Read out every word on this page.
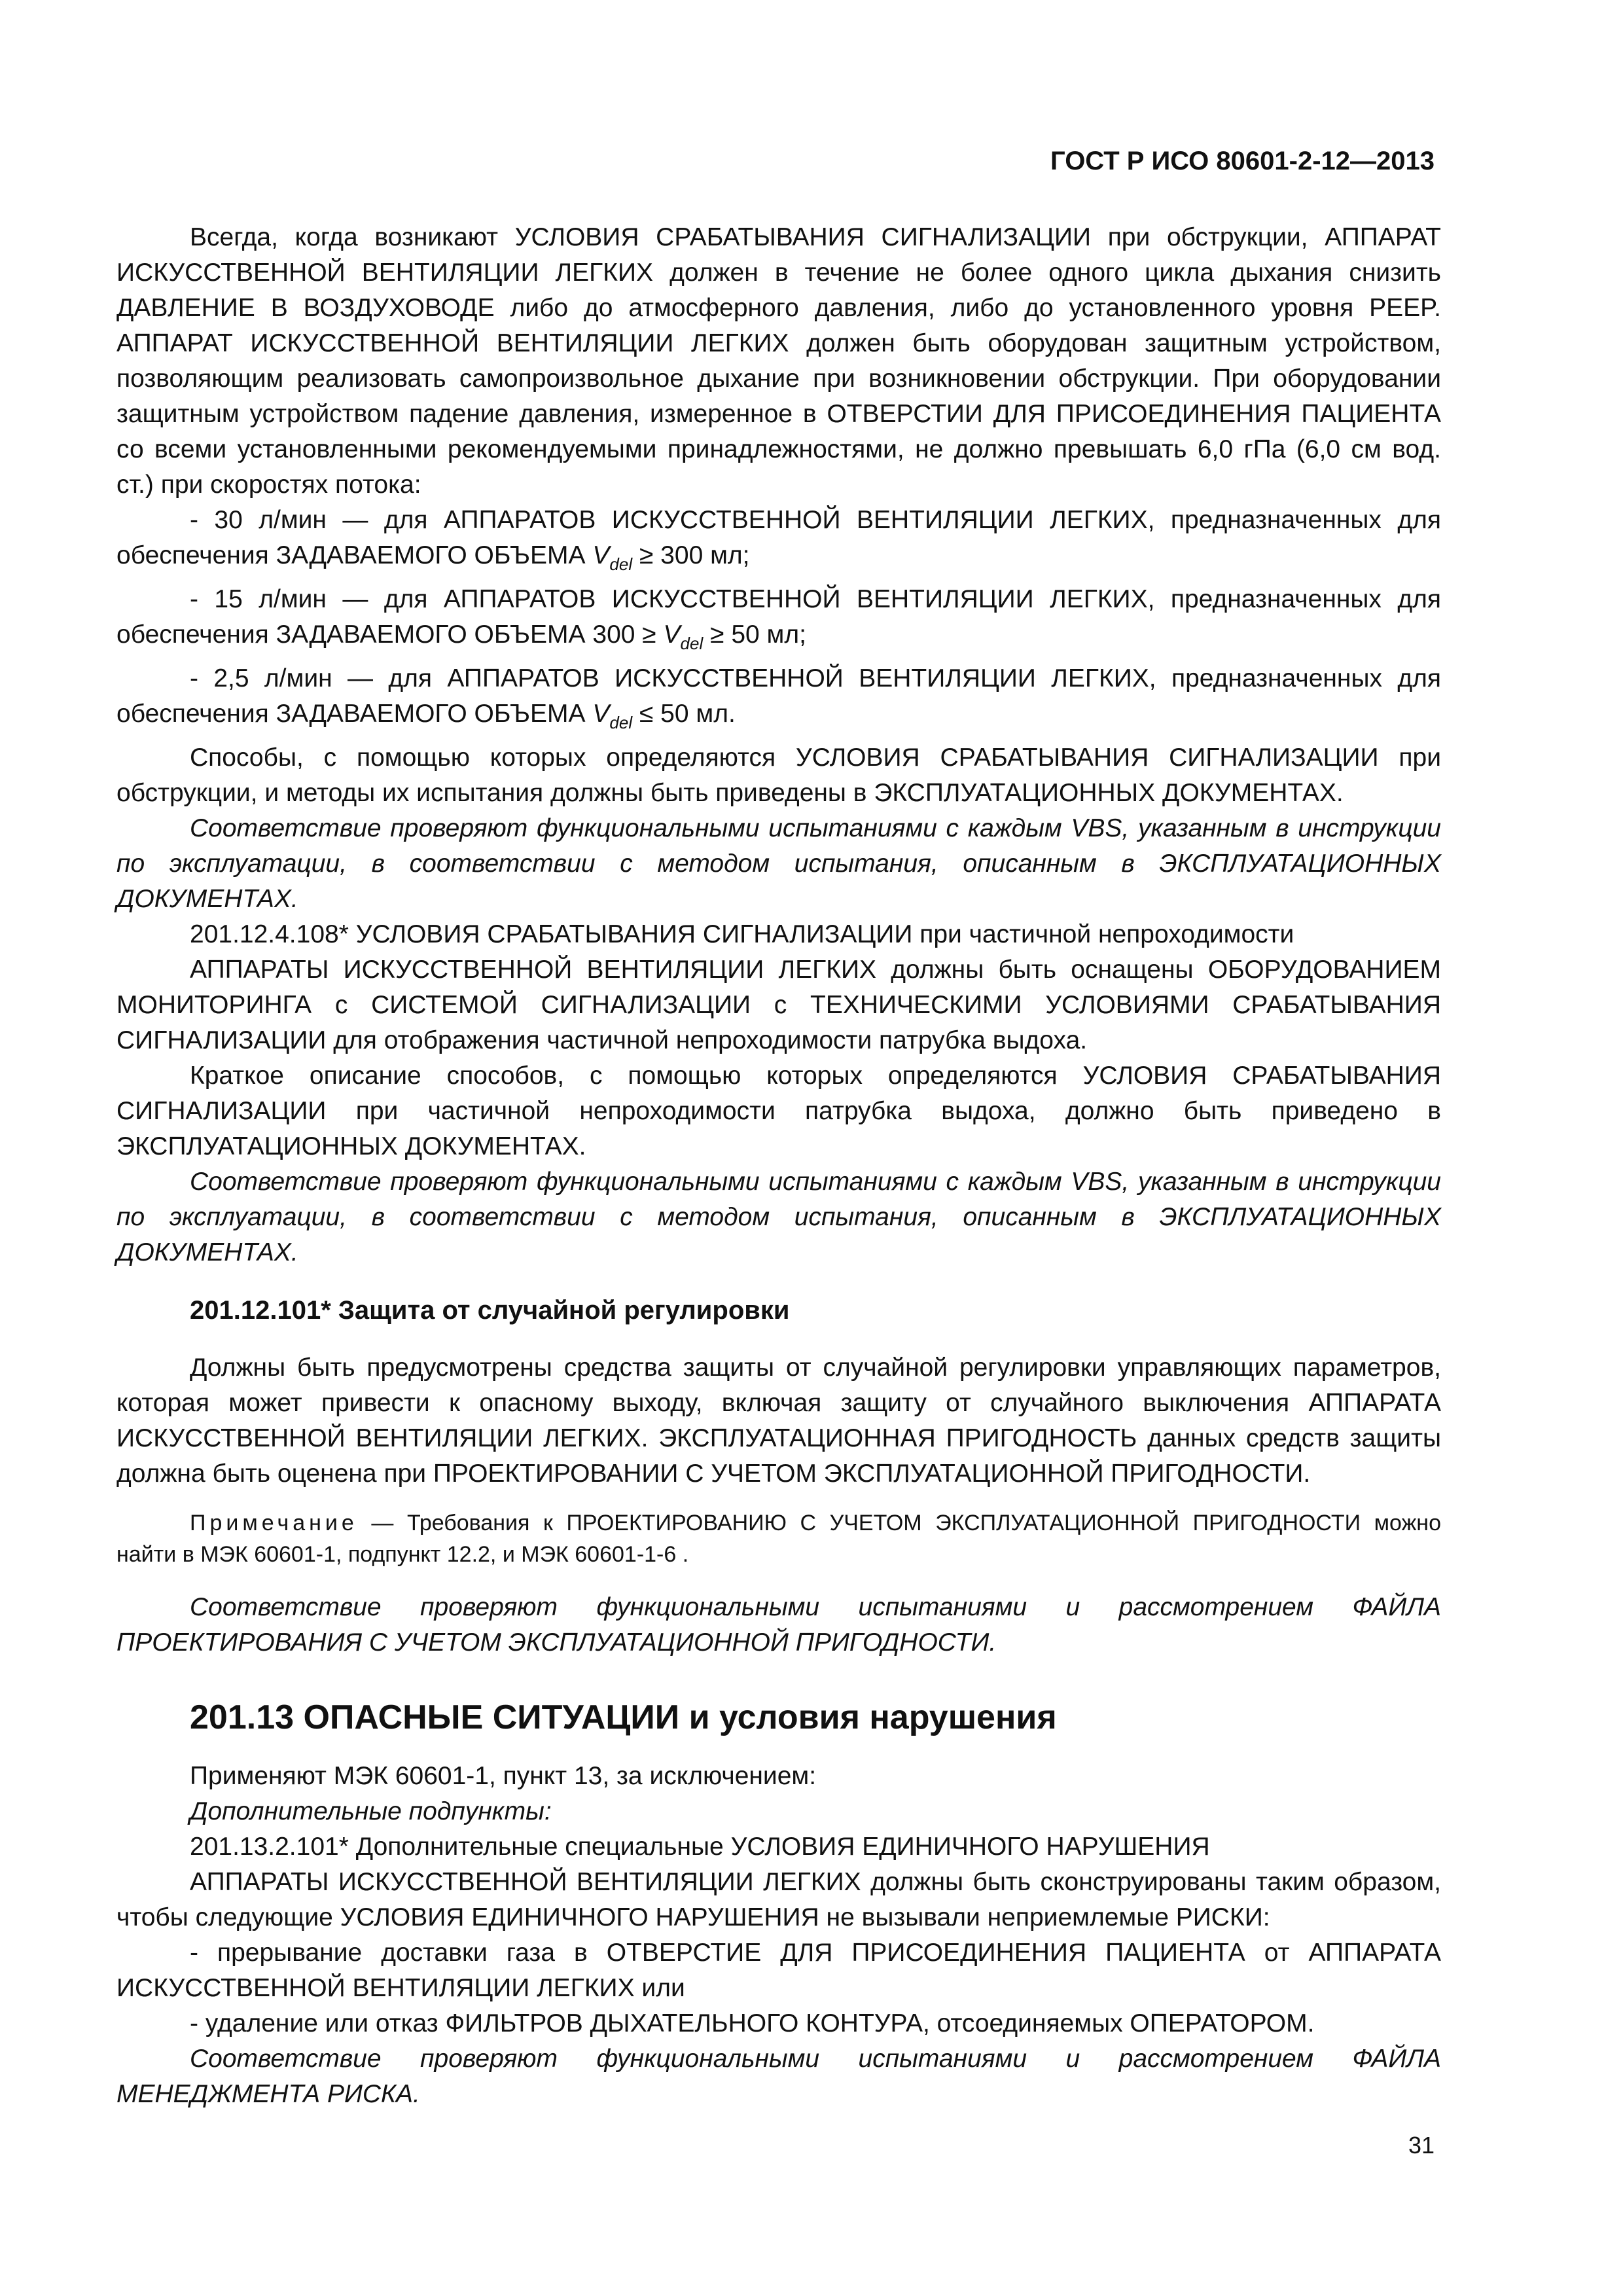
ГОСТ Р ИСО 80601-2-12—2013

Всегда, когда возникают УСЛОВИЯ СРАБАТЫВАНИЯ СИГНАЛИЗАЦИИ при обструкции, АППАРАТ ИСКУССТВЕННОЙ ВЕНТИЛЯЦИИ ЛЕГКИХ должен в течение не более одного цикла дыхания снизить ДАВЛЕНИЕ В ВОЗДУХОВОДЕ либо до атмосферного давления, либо до установленного уровня PEEP. АППАРАТ ИСКУССТВЕННОЙ ВЕНТИЛЯЦИИ ЛЕГКИХ должен быть оборудован защитным устройством, позволяющим реализовать самопроизвольное дыхание при возникновении обструкции. При оборудовании защитным устройством падение давления, измеренное в ОТВЕРСТИИ ДЛЯ ПРИСОЕДИНЕНИЯ ПАЦИЕНТА со всеми установленными рекомендуемыми принадлежностями, не должно превышать 6,0 гПа (6,0 см вод. ст.) при скоростях потока:

- 30 л/мин — для АППАРАТОВ ИСКУССТВЕННОЙ ВЕНТИЛЯЦИИ ЛЕГКИХ, предназначенных для обеспечения ЗАДАВАЕМОГО ОБЪЕМА $V_{del} \ge 300$ мл;

- 15 л/мин — для АППАРАТОВ ИСКУССТВЕННОЙ ВЕНТИЛЯЦИИ ЛЕГКИХ, предназначенных для обеспечения ЗАДАВАЕМОГО ОБЪЕМА $300 \ge V_{del} \ge 50$ мл;

- 2,5 л/мин — для АППАРАТОВ ИСКУССТВЕННОЙ ВЕНТИЛЯЦИИ ЛЕГКИХ, предназначенных для обеспечения ЗАДАВАЕМОГО ОБЪЕМА $V_{del} \le 50$ мл.

Способы, с помощью которых определяются УСЛОВИЯ СРАБАТЫВАНИЯ СИГНАЛИЗАЦИИ при обструкции, и методы их испытания должны быть приведены в ЭКСПЛУАТАЦИОННЫХ ДОКУМЕНТАХ.

Соответствие проверяют функциональными испытаниями с каждым VBS, указанным в инструкции по эксплуатации, в соответствии с методом испытания, описанным в ЭКСПЛУАТАЦИОННЫХ ДОКУМЕНТАХ.

201.12.4.108* УСЛОВИЯ СРАБАТЫВАНИЯ СИГНАЛИЗАЦИИ при частичной непроходимости

АППАРАТЫ ИСКУССТВЕННОЙ ВЕНТИЛЯЦИИ ЛЕГКИХ должны быть оснащены ОБОРУДОВАНИЕМ МОНИТОРИНГА с СИСТЕМОЙ СИГНАЛИЗАЦИИ с ТЕХНИЧЕСКИМИ УСЛОВИЯМИ СРАБАТЫВАНИЯ СИГНАЛИЗАЦИИ для отображения частичной непроходимости патрубка выдоха.

Краткое описание способов, с помощью которых определяются УСЛОВИЯ СРАБАТЫВАНИЯ СИГНАЛИЗАЦИИ при частичной непроходимости патрубка выдоха, должно быть приведено в ЭКСПЛУАТАЦИОННЫХ ДОКУМЕНТАХ.

Соответствие проверяют функциональными испытаниями с каждым VBS, указанным в инструкции по эксплуатации, в соответствии с методом испытания, описанным в ЭКСПЛУАТАЦИОННЫХ ДОКУМЕНТАХ.

201.12.101* Защита от случайной регулировки

Должны быть предусмотрены средства защиты от случайной регулировки управляющих параметров, которая может привести к опасному выходу, включая защиту от случайного выключения АППАРАТА ИСКУССТВЕННОЙ ВЕНТИЛЯЦИИ ЛЕГКИХ. ЭКСПЛУАТАЦИОННАЯ ПРИГОДНОСТЬ данных средств защиты должна быть оценена при ПРОЕКТИРОВАНИИ С УЧЕТОМ ЭКСПЛУАТАЦИОННОЙ ПРИГОДНОСТИ.

Примечание — Требования к ПРОЕКТИРОВАНИЮ С УЧЕТОМ ЭКСПЛУАТАЦИОННОЙ ПРИГОДНОСТИ можно найти в МЭК 60601-1, подпункт 12.2, и МЭК 60601-1-6 .

Соответствие проверяют функциональными испытаниями и рассмотрением ФАЙЛА ПРОЕКТИРОВАНИЯ С УЧЕТОМ ЭКСПЛУАТАЦИОННОЙ ПРИГОДНОСТИ.

201.13 ОПАСНЫЕ СИТУАЦИИ и условия нарушения

Применяют МЭК 60601-1, пункт 13, за исключением:

Дополнительные подпункты:

201.13.2.101* Дополнительные специальные УСЛОВИЯ ЕДИНИЧНОГО НАРУШЕНИЯ

АППАРАТЫ ИСКУССТВЕННОЙ ВЕНТИЛЯЦИИ ЛЕГКИХ должны быть сконструированы таким образом, чтобы следующие УСЛОВИЯ ЕДИНИЧНОГО НАРУШЕНИЯ не вызывали неприемлемые РИСКИ:

- прерывание доставки газа в ОТВЕРСТИЕ ДЛЯ ПРИСОЕДИНЕНИЯ ПАЦИЕНТА от АППАРАТА ИСКУССТВЕННОЙ ВЕНТИЛЯЦИИ ЛЕГКИХ или

- удаление или отказ ФИЛЬТРОВ ДЫХАТЕЛЬНОГО КОНТУРА, отсоединяемых ОПЕРАТОРОМ.

Соответствие проверяют функциональными испытаниями и рассмотрением ФАЙЛА МЕНЕДЖМЕНТА РИСКА.

31
